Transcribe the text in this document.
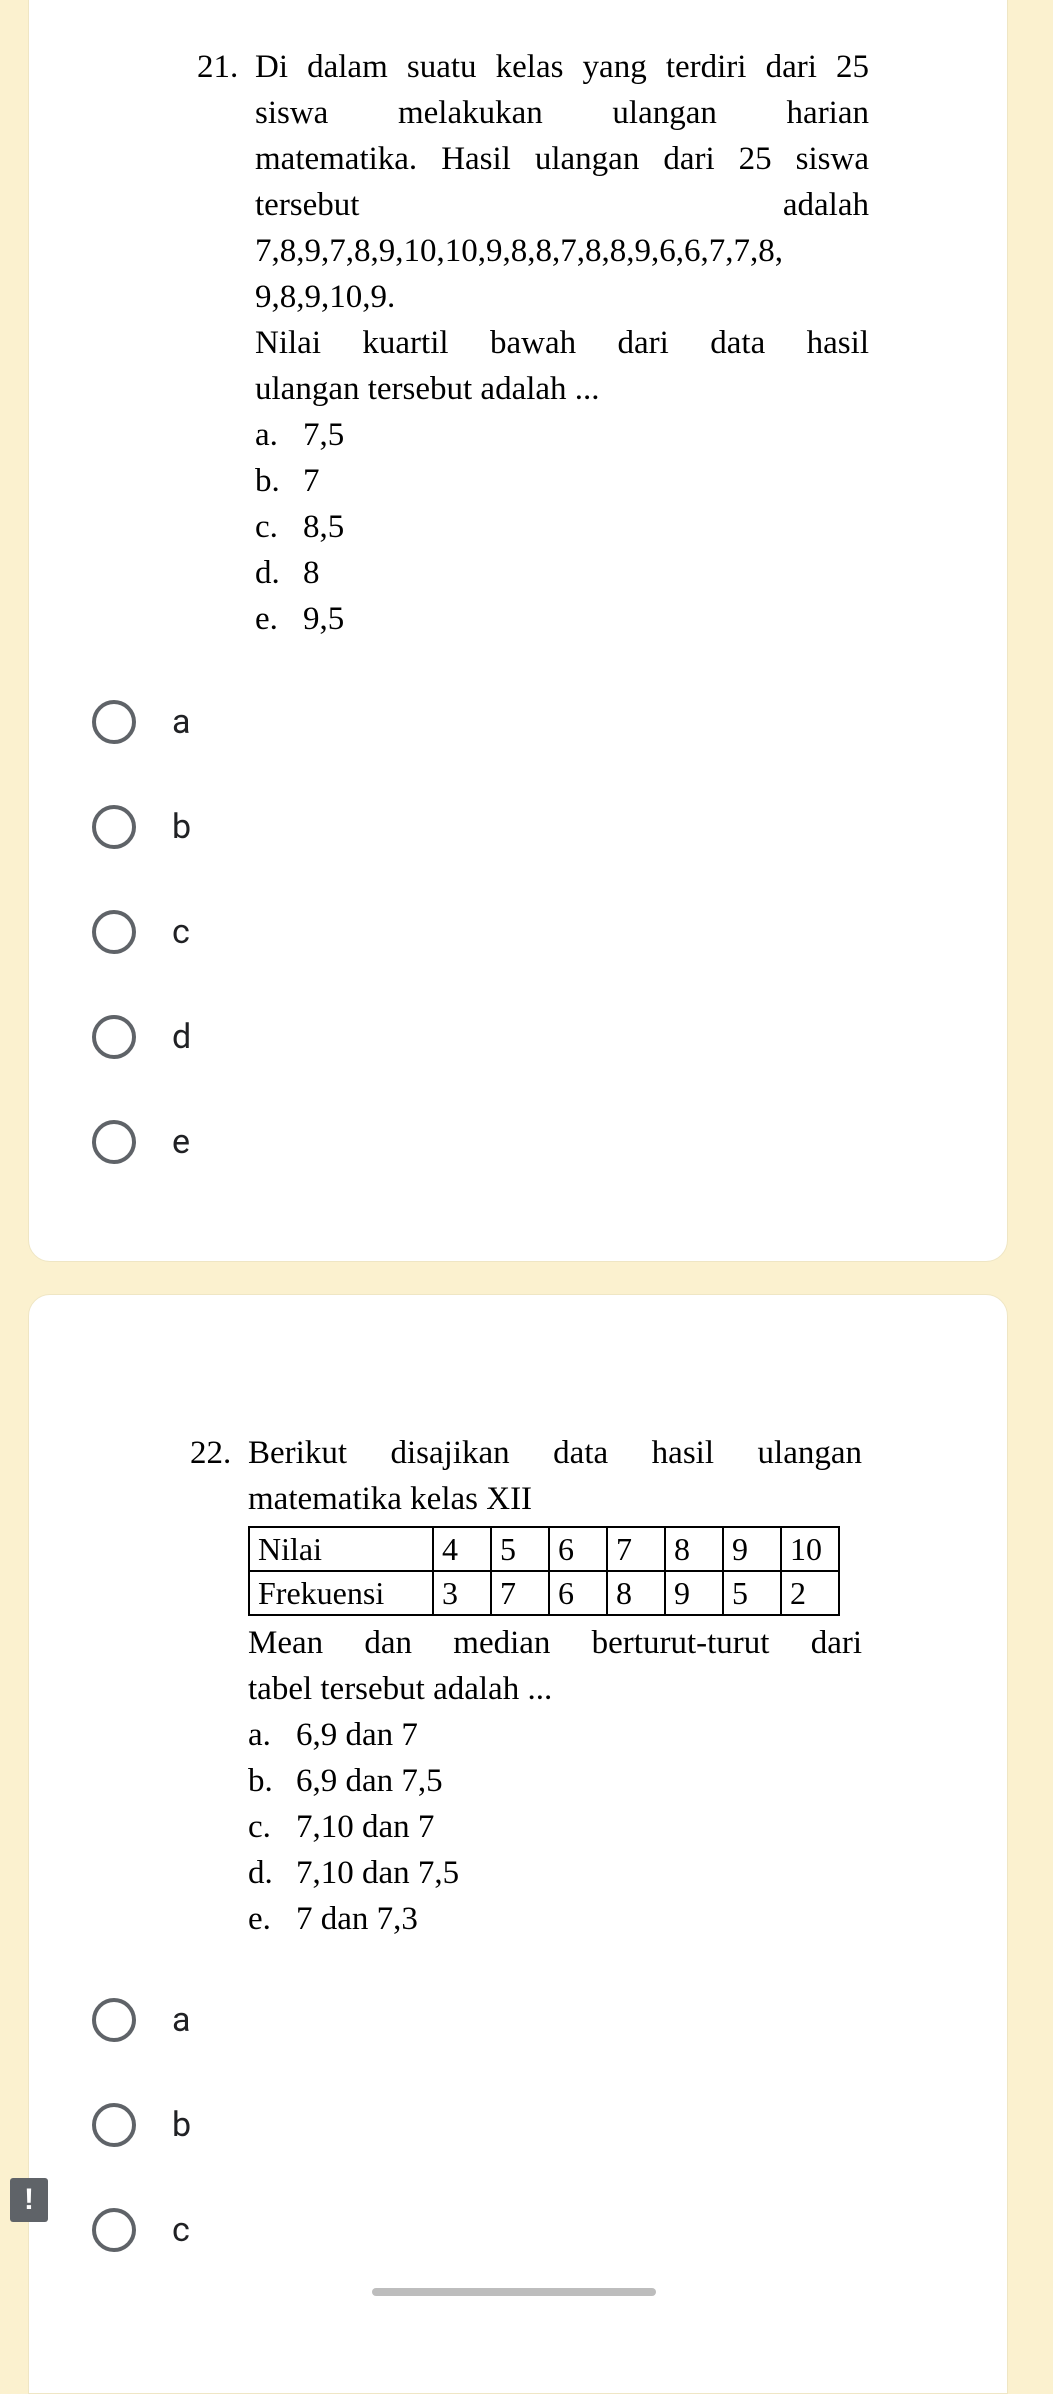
21. Di dalam suatu kelas yang terdiri dari 25
siswa melakukan ulangan harian
matematika. Hasil ulangan dari 25 siswa
tersebut adalah
7,8,9,7,8,9,10,10,9,8,8,7,8,8,9,6,6,7,7,8,
9,8,9,10,9.
Nilai kuartil bawah dari data hasil
ulangan tersebut adalah ...
a. 7,5
b. 7
c. 8,5
d. 8
e. 9,5
a
b
c
d
e
22. Berikut disajikan data hasil ulangan
matematika kelas XII
Nilai	4	5	6	7	8	9	10
Frekuensi	3	7	6	8	9	5	2
Mean dan median berturut-turut dari
tabel tersebut adalah ...
a. 6,9 dan 7
b. 6,9 dan 7,5
c. 7,10 dan 7
d. 7,10 dan 7,5
e. 7 dan 7,3
a
b
c
!
